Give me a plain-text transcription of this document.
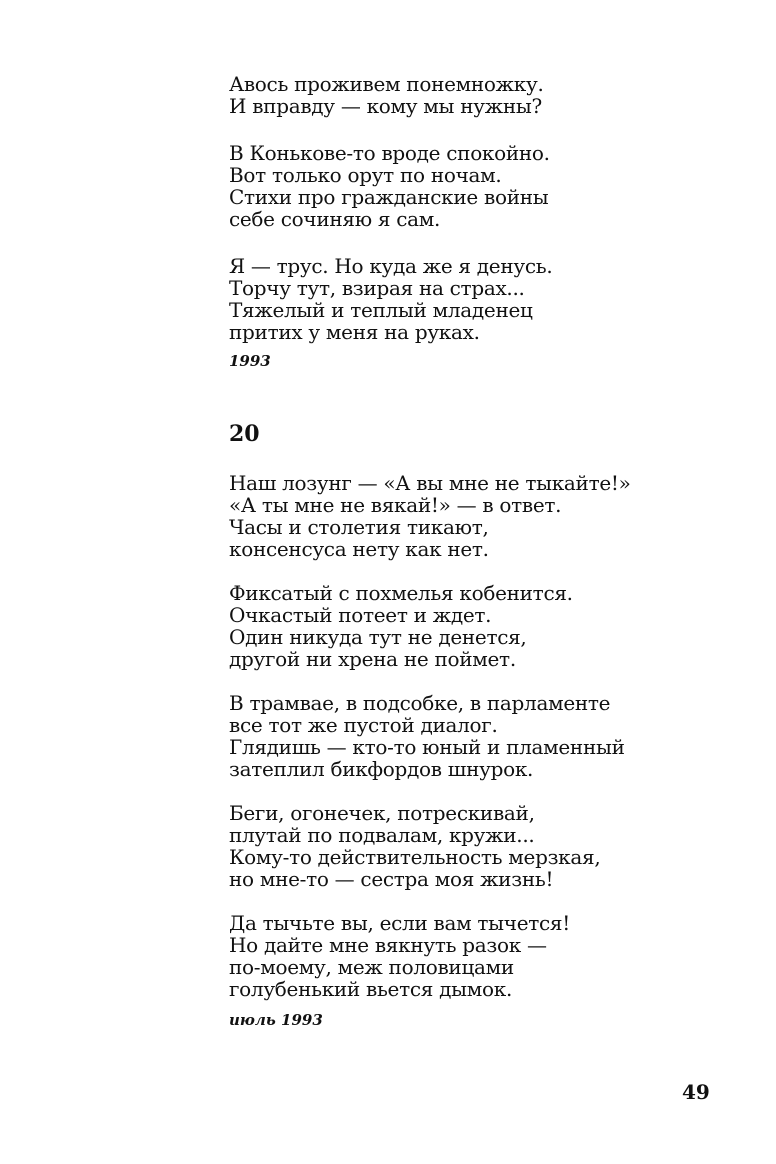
Авось проживем понемножку.
И вправду — кому мы нужны?
В Конькове-то вроде спокойно.
Вот только орут по ночам.
Стихи про гражданские войны
себе сочиняю я сам.
Я — трус. Но куда же я денусь.
Торчу тут, взирая на страх...
Тяжелый и теплый младенец
притих у меня на руках.
1993
20
Наш лозунг — «А вы мне не тыкайте!»
«А ты мне не вякай!» — в ответ.
Часы и столетия тикают,
консенсуса нету как нет.
Фиксатый с похмелья кобенится.
Очкастый потеет и ждет.
Один никуда тут не денется,
другой ни хрена не поймет.
В трамвае, в подсобке, в парламенте
все тот же пустой диалог.
Глядишь — кто-то юный и пламенный
затеплил бикфордов шнурок.
Беги, огонечек, потрескивай,
плутай по подвалам, кружи...
Кому-то действительность мерзкая,
но мне-то — сестра моя жизнь!
Да тычьте вы, если вам тычется!
Но дайте мне вякнуть разок —
по-моему, меж половицами
голубенький вьется дымок.
июль 1993
49
